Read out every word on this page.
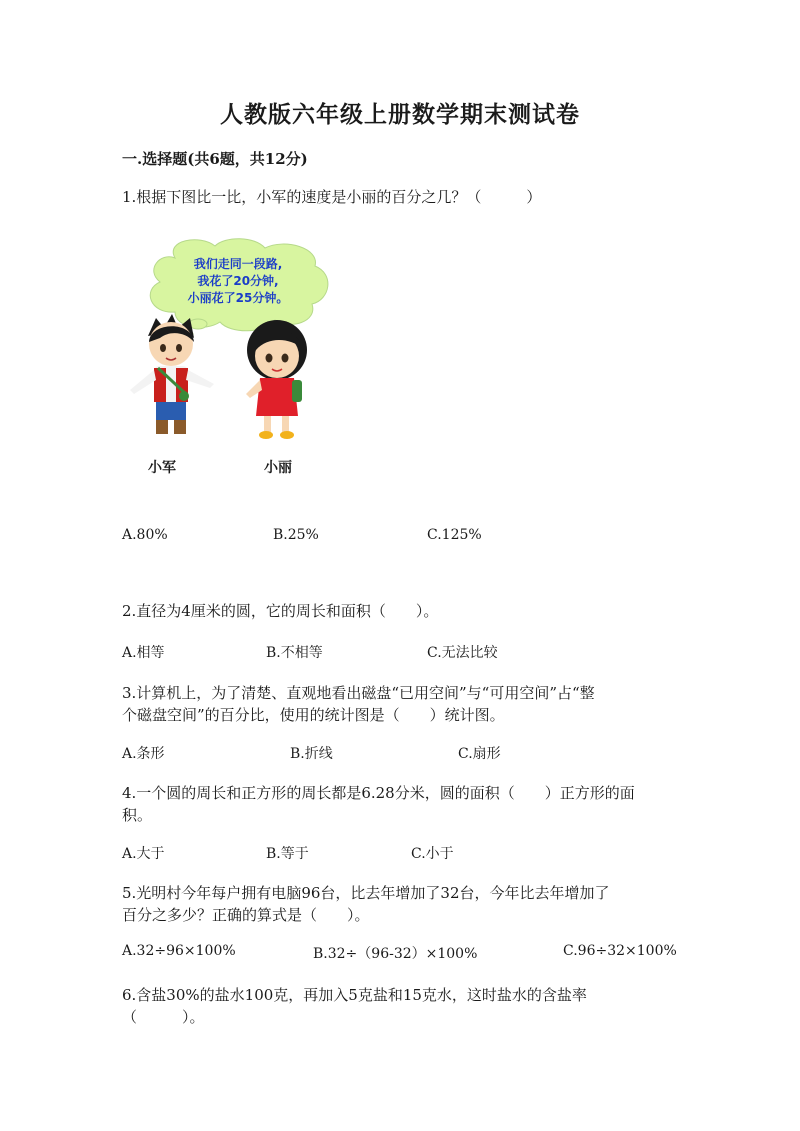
人教版六年级上册数学期末测试卷
一.选择题(共6题，共12分)
1.根据下图比一比，小军的速度是小丽的百分之几？（　　　）
我们走同一段路,
我花了20分钟,
小丽花了25分钟。
小军	小丽
A.80%	B.25%	C.125%
2.直径为4厘米的圆，它的周长和面积（　　）。
A.相等	B.不相等	C.无法比较
3.计算机上，为了清楚、直观地看出磁盘“已用空间”与“可用空间”占“整
个磁盘空间”的百分比，使用的统计图是（　　）统计图。
A.条形	B.折线	C.扇形
4.一个圆的周长和正方形的周长都是6.28分米，圆的面积（　　）正方形的面
积。
A.大于	B.等于	C.小于
5.光明村今年每户拥有电脑96台，比去年增加了32台，今年比去年增加了
百分之多少？正确的算式是（　　）。
A.32÷96×100%	B.32÷（96-32）×100%	C.96÷32×100%
6.含盐30%的盐水100克，再加入5克盐和15克水，这时盐水的含盐率
（　　　）。
